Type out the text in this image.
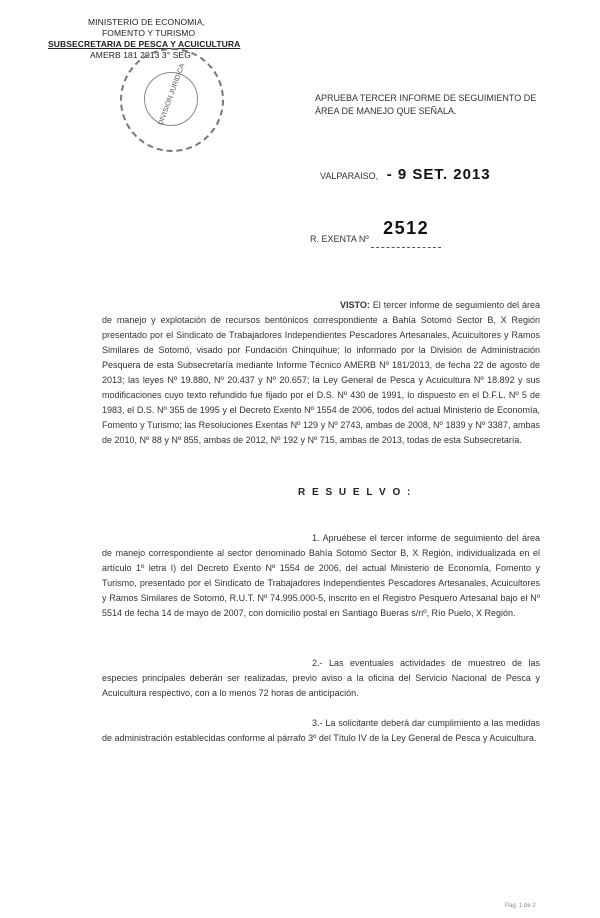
MINISTERIO DE ECONOMIA,
FOMENTO Y TURISMO
SUBSECRETARIA DE PESCA Y ACUICULTURA
AMERB 181 2013 3° SEG
DIVISION JURIDICA	APRUEBA TERCER INFORME DE SEGUIMIENTO DE ÁREA DE MANEJO QUE SEÑALA.
VALPARAISO, - 9 SET. 2013
R. EXENTA Nº 2512
VISTO: El tercer informe de seguimiento del área de manejo y explotación de recursos bentónicos correspondiente a Bahía Sotomó Sector B, X Región presentado por el Sindicato de Trabajadores Independientes Pescadores Artesanales, Acuicultores y Ramos Similares de Sotomó, visado por Fundación Chinquihue; lo informado por la División de Administración Pesquera de esta Subsecretaría mediante Informe Técnico AMERB Nº 181/2013, de fecha 22 de agosto de 2013; las leyes Nº 19.880, Nº 20.437 y Nº 20.657; la Ley General de Pesca y Acuicultura Nº 18.892 y sus modificaciones cuyo texto refundido fue fijado por el D.S. Nº 430 de 1991, lo dispuesto en el D.F.L. Nº 5 de 1983, el D.S. Nº 355 de 1995 y el Decreto Exento Nº 1554 de 2006, todos del actual Ministerio de Economía, Fomento y Turismo; las Resoluciones Exentas Nº 129 y Nº 2743, ambas de 2008, Nº 1839 y Nº 3387, ambas de 2010, Nº 88 y Nº 855, ambas de 2012, Nº 192 y Nº 715, ambas de 2013, todas de esta Subsecretaría.
R E S U E L V O :
1. Apruébese el tercer informe de seguimiento del área de manejo correspondiente al sector denominado Bahía Sotomó Sector B, X Región, individualizada en el artículo 1º letra I) del Decreto Exento Nº 1554 de 2006, del actual Ministerio de Economía, Fomento y Turismo, presentado por el Sindicato de Trabajadores Independientes Pescadores Artesanales, Acuicultores y Ramos Similares de Sotomó, R.U.T. Nº 74.995.000-5, inscrito en el Registro Pesquero Artesanal bajo el Nº 5514 de fecha 14 de mayo de 2007, con domicilio postal en Santiago Bueras s/nº, Río Puelo, X Región.
2.- Las eventuales actividades de muestreo de las especies principales deberán ser realizadas, previo aviso a la oficina del Servicio Nacional de Pesca y Acuicultura respectivo, con a lo menos 72 horas de anticipación.
3.- La solicitante deberá dar cumplimiento a las medidas de administración establecidas conforme al párrafo 3º del Título IV de la Ley General de Pesca y Acuicultura.
Pag. 1 de 2
